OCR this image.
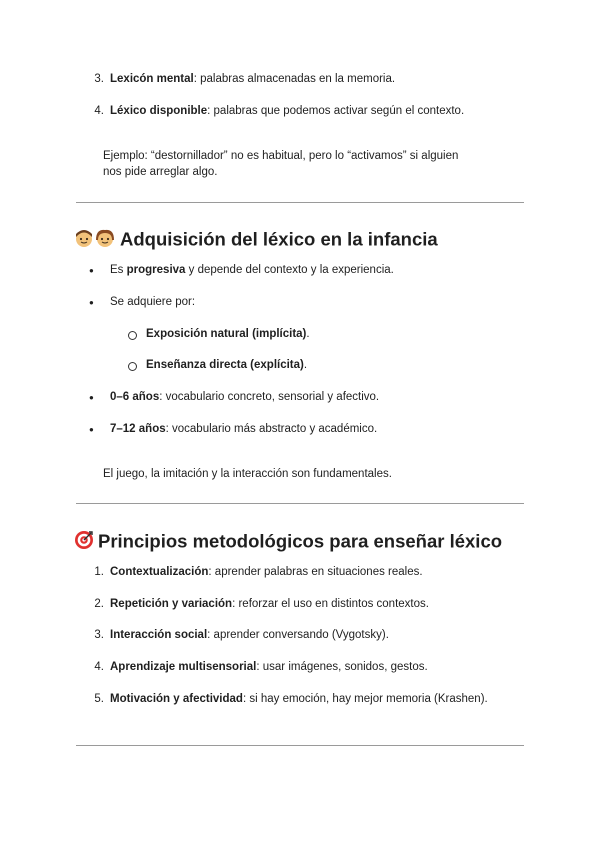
3. Lexicón mental: palabras almacenadas en la memoria.
4. Léxico disponible: palabras que podemos activar según el contexto.
Ejemplo: “destornillador” no es habitual, pero lo “activamos” si alguien
nos pide arreglar algo.
Adquisición del léxico en la infancia
● Es progresiva y depende del contexto y la experiencia.
● Se adquiere por:
Exposición natural (implícita).
Enseñanza directa (explícita).
● 0–6 años: vocabulario concreto, sensorial y afectivo.
● 7–12 años: vocabulario más abstracto y académico.
El juego, la imitación y la interacción son fundamentales.
Principios metodológicos para enseñar léxico
1. Contextualización: aprender palabras en situaciones reales.
2. Repetición y variación: reforzar el uso en distintos contextos.
3. Interacción social: aprender conversando (Vygotsky).
4. Aprendizaje multisensorial: usar imágenes, sonidos, gestos.
5. Motivación y afectividad: si hay emoción, hay mejor memoria (Krashen).
